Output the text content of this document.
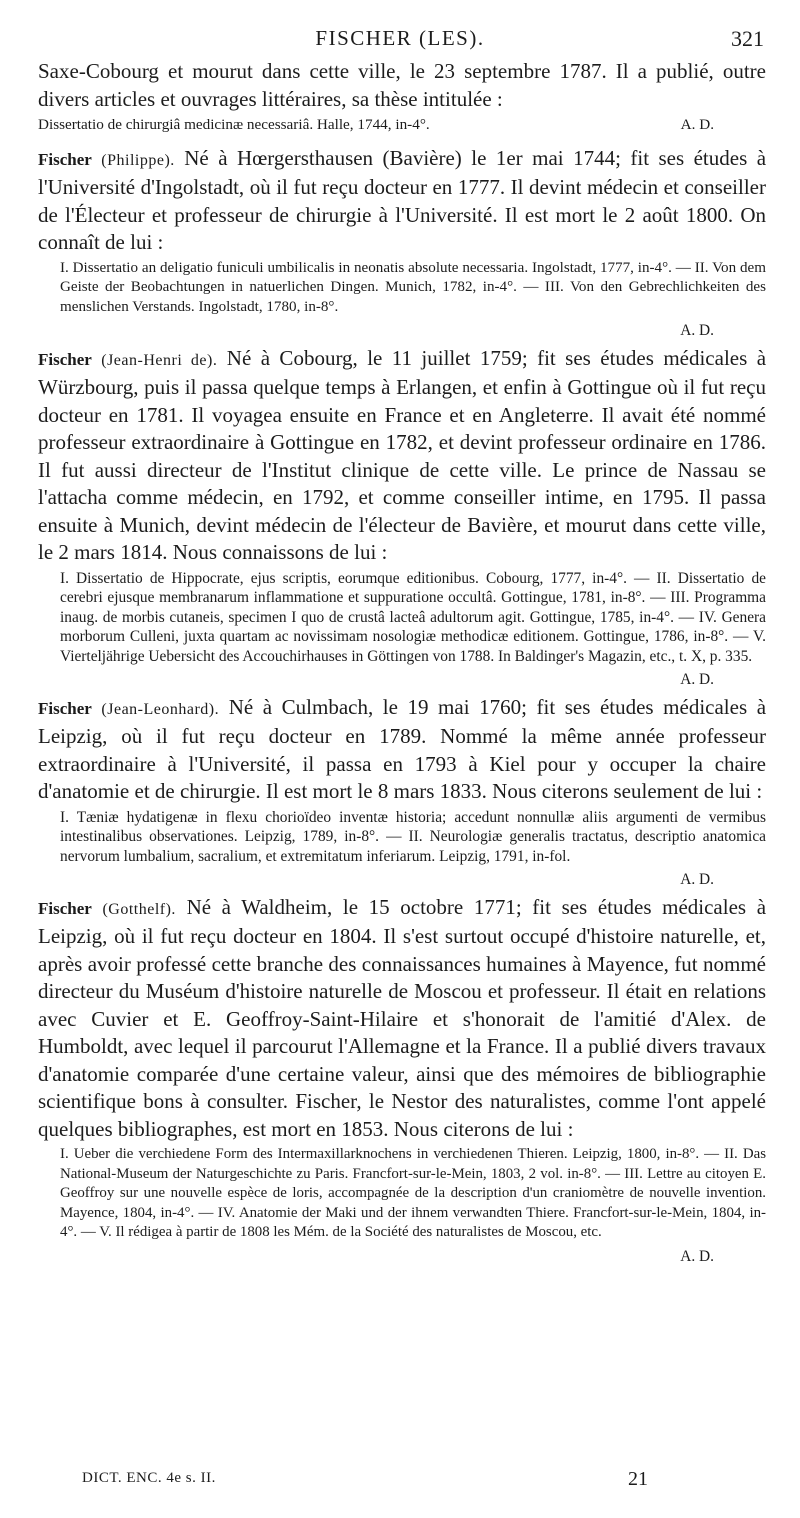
FISCHER (LES).	321

Saxe-Cobourg et mourut dans cette ville, le 23 septembre 1787. Il a publié, outre divers articles et ouvrages littéraires, sa thèse intitulée :

Dissertatio de chirurgiâ medicinæ necessariâ. Halle, 1744, in-4°.	A. D.

Fischer (Philippe). Né à Hœrgersthausen (Bavière) le 1er mai 1744; fit ses études à l'Université d'Ingolstadt, où il fut reçu docteur en 1777. Il devint médecin et conseiller de l'Électeur et professeur de chirurgie à l'Université. Il est mort le 2 août 1800. On connaît de lui :

I. Dissertatio an deligatio funiculi umbilicalis in neonatis absolute necessaria. Ingolstadt, 1777, in-4°. — II. Von dem Geiste der Beobachtungen in natuerlichen Dingen. Munich, 1782, in-4°. — III. Von den Gebrechlichkeiten des menslichen Verstands. Ingolstadt, 1780, in-8°.

A. D.

Fischer (Jean-Henri de). Né à Cobourg, le 11 juillet 1759; fit ses études médicales à Würzbourg, puis il passa quelque temps à Erlangen, et enfin à Gottingue où il fut reçu docteur en 1781. Il voyagea ensuite en France et en Angleterre. Il avait été nommé professeur extraordinaire à Gottingue en 1782, et devint professeur ordinaire en 1786. Il fut aussi directeur de l'Institut clinique de cette ville. Le prince de Nassau se l'attacha comme médecin, en 1792, et comme conseiller intime, en 1795. Il passa ensuite à Munich, devint médecin de l'électeur de Bavière, et mourut dans cette ville, le 2 mars 1814. Nous connaissons de lui :

I. Dissertatio de Hippocrate, ejus scriptis, eorumque editionibus. Cobourg, 1777, in-4°. — II. Dissertatio de cerebri ejusque membranarum inflammatione et suppuratione occultâ. Gottingue, 1781, in-8°. — III. Programma inaug. de morbis cutaneis, specimen I quo de crustâ lacteâ adultorum agit. Gottingue, 1785, in-4°. — IV. Genera morborum Culleni, juxta quartam ac novissimam nosologiæ methodicæ editionem. Gottingue, 1786, in-8°. — V. Vierteljährige Uebersicht des Accouchirhauses in Göttingen von 1788. In Baldinger's Magazin, etc., t. X, p. 335.

A. D.

Fischer (Jean-Leonhard). Né à Culmbach, le 19 mai 1760; fit ses études médicales à Leipzig, où il fut reçu docteur en 1789. Nommé la même année professeur extraordinaire à l'Université, il passa en 1793 à Kiel pour y occuper la chaire d'anatomie et de chirurgie. Il est mort le 8 mars 1833. Nous citerons seulement de lui :

I. Tæniæ hydatigenæ in flexu chorioïdeo inventæ historia; accedunt nonnullæ aliis argumenti de vermibus intestinalibus observationes. Leipzig, 1789, in-8°. — II. Neurologiæ generalis tractatus, descriptio anatomica nervorum lumbalium, sacralium, et extremitatum inferiarum. Leipzig, 1791, in-fol.

A. D.

Fischer (Gotthelf). Né à Waldheim, le 15 octobre 1771; fit ses études médicales à Leipzig, où il fut reçu docteur en 1804. Il s'est surtout occupé d'histoire naturelle, et, après avoir professé cette branche des connaissances humaines à Mayence, fut nommé directeur du Muséum d'histoire naturelle de Moscou et professeur. Il était en relations avec Cuvier et E. Geoffroy-Saint-Hilaire et s'honorait de l'amitié d'Alex. de Humboldt, avec lequel il parcourut l'Allemagne et la France. Il a publié divers travaux d'anatomie comparée d'une certaine valeur, ainsi que des mémoires de bibliographie scientifique bons à consulter. Fischer, le Nestor des naturalistes, comme l'ont appelé quelques bibliographes, est mort en 1853. Nous citerons de lui :

I. Ueber die verchiedene Form des Intermaxillarknochens in verchiedenen Thieren. Leipzig, 1800, in-8°. — II. Das National-Museum der Naturgeschichte zu Paris. Francfort-sur-le-Mein, 1803, 2 vol. in-8°. — III. Lettre au citoyen E. Geoffroy sur une nouvelle espèce de loris, accompagnée de la description d'un craniomètre de nouvelle invention. Mayence, 1804, in-4°. — IV. Anatomie der Maki und der ihnem verwandten Thiere. Francfort-sur-le-Mein, 1804, in-4°. — V. Il rédigea à partir de 1808 les Mém. de la Société des naturalistes de Moscou, etc.

A. D.

DICT. ENC. 4e s. II.	21
